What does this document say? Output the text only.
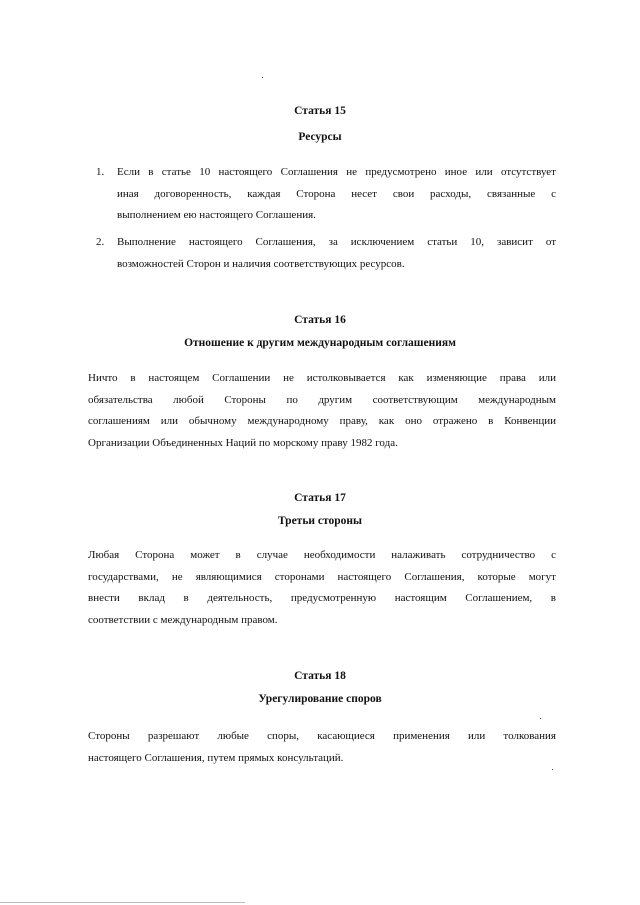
Статья 15

Ресурсы

1. Если в статье 10 настоящего Соглашения не предусмотрено иное или отсутствует
иная договоренность, каждая Сторона несет свои расходы, связанные с
выполнением ею настоящего Соглашения.
2. Выполнение настоящего Соглашения, за исключением статьи 10, зависит от
возможностей Сторон и наличия соответствующих ресурсов.

Статья 16

Отношение к другим международным соглашениям

Ничто в настоящем Соглашении не истолковывается как изменяющие права или
обязательства любой Стороны по другим соответствующим международным
соглашениям или обычному международному праву, как оно отражено в Конвенции
Организации Объединенных Наций по морскому праву 1982 года.

Статья 17

Третьи стороны

Любая Сторона может в случае необходимости налаживать сотрудничество с
государствами, не являющимися сторонами настоящего Соглашения, которые могут
внести вклад в деятельность, предусмотренную настоящим Соглашением, в
соответствии с международным правом.

Статья 18

Урегулирование споров

Стороны разрешают любые споры, касающиеся применения или толкования
настоящего Соглашения, путем прямых консультаций.
